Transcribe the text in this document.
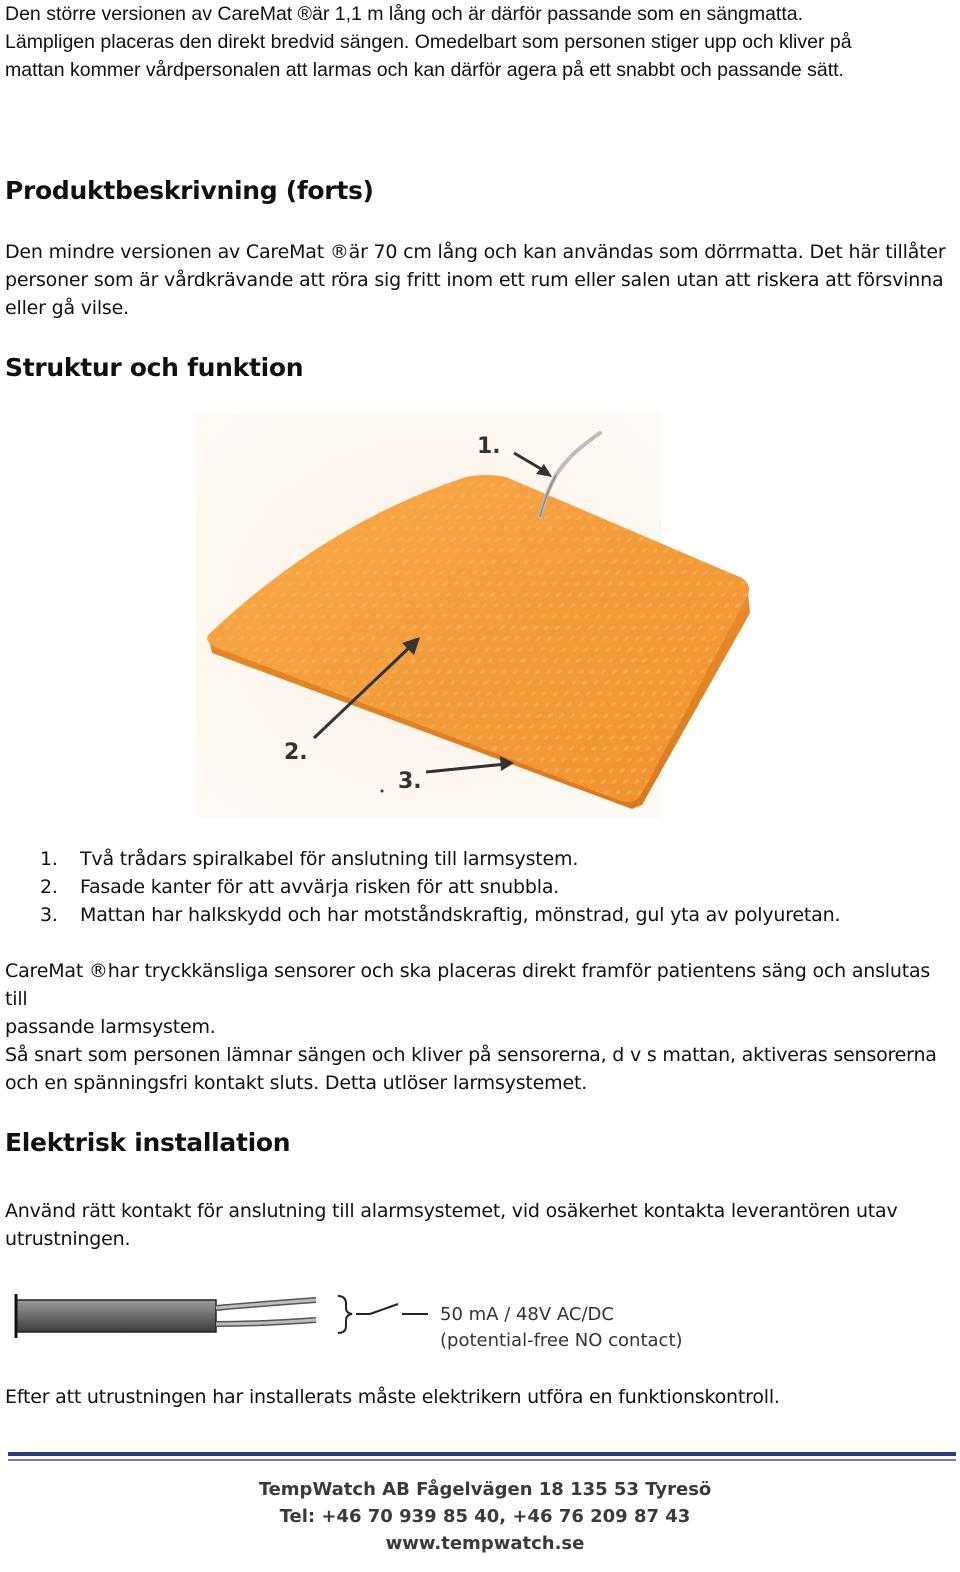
Den större versionen av CareMat ®är 1,1 m lång och är därför passande som en sängmatta.
Lämpligen placeras den direkt bredvid sängen. Omedelbart som personen stiger upp och kliver på
mattan kommer vårdpersonalen att larmas och kan därför agera på ett snabbt och passande sätt.
Produktbeskrivning (forts)
Den mindre versionen av CareMat ®är 70 cm lång och kan användas som dörrmatta. Det här tillåter
personer som är vårdkrävande att röra sig fritt inom ett rum eller salen utan att riskera att försvinna
eller gå vilse.
Struktur och funktion
1.
2.
3.
1.	Två trådars spiralkabel för anslutning till larmsystem.
2.	Fasade kanter för att avvärja risken för att snubbla.
3.	Mattan har halkskydd och har motståndskraftig, mönstrad, gul yta av polyuretan.
CareMat ®har tryckkänsliga sensorer och ska placeras direkt framför patientens säng och anslutas till
passande larmsystem.
Så snart som personen lämnar sängen och kliver på sensorerna, d v s mattan, aktiveras sensorerna
och en spänningsfri kontakt sluts. Detta utlöser larmsystemet.
Elektrisk installation
Använd rätt kontakt för anslutning till alarmsystemet, vid osäkerhet kontakta leverantören utav
utrustningen.
50 mA / 48V AC/DC
(potential-free NO contact)
Efter att utrustningen har installerats måste elektrikern utföra en funktionskontroll.
TempWatch AB Fågelvägen 18 135 53 Tyresö
Tel: +46 70 939 85 40, +46 76 209 87 43
www.tempwatch.se
